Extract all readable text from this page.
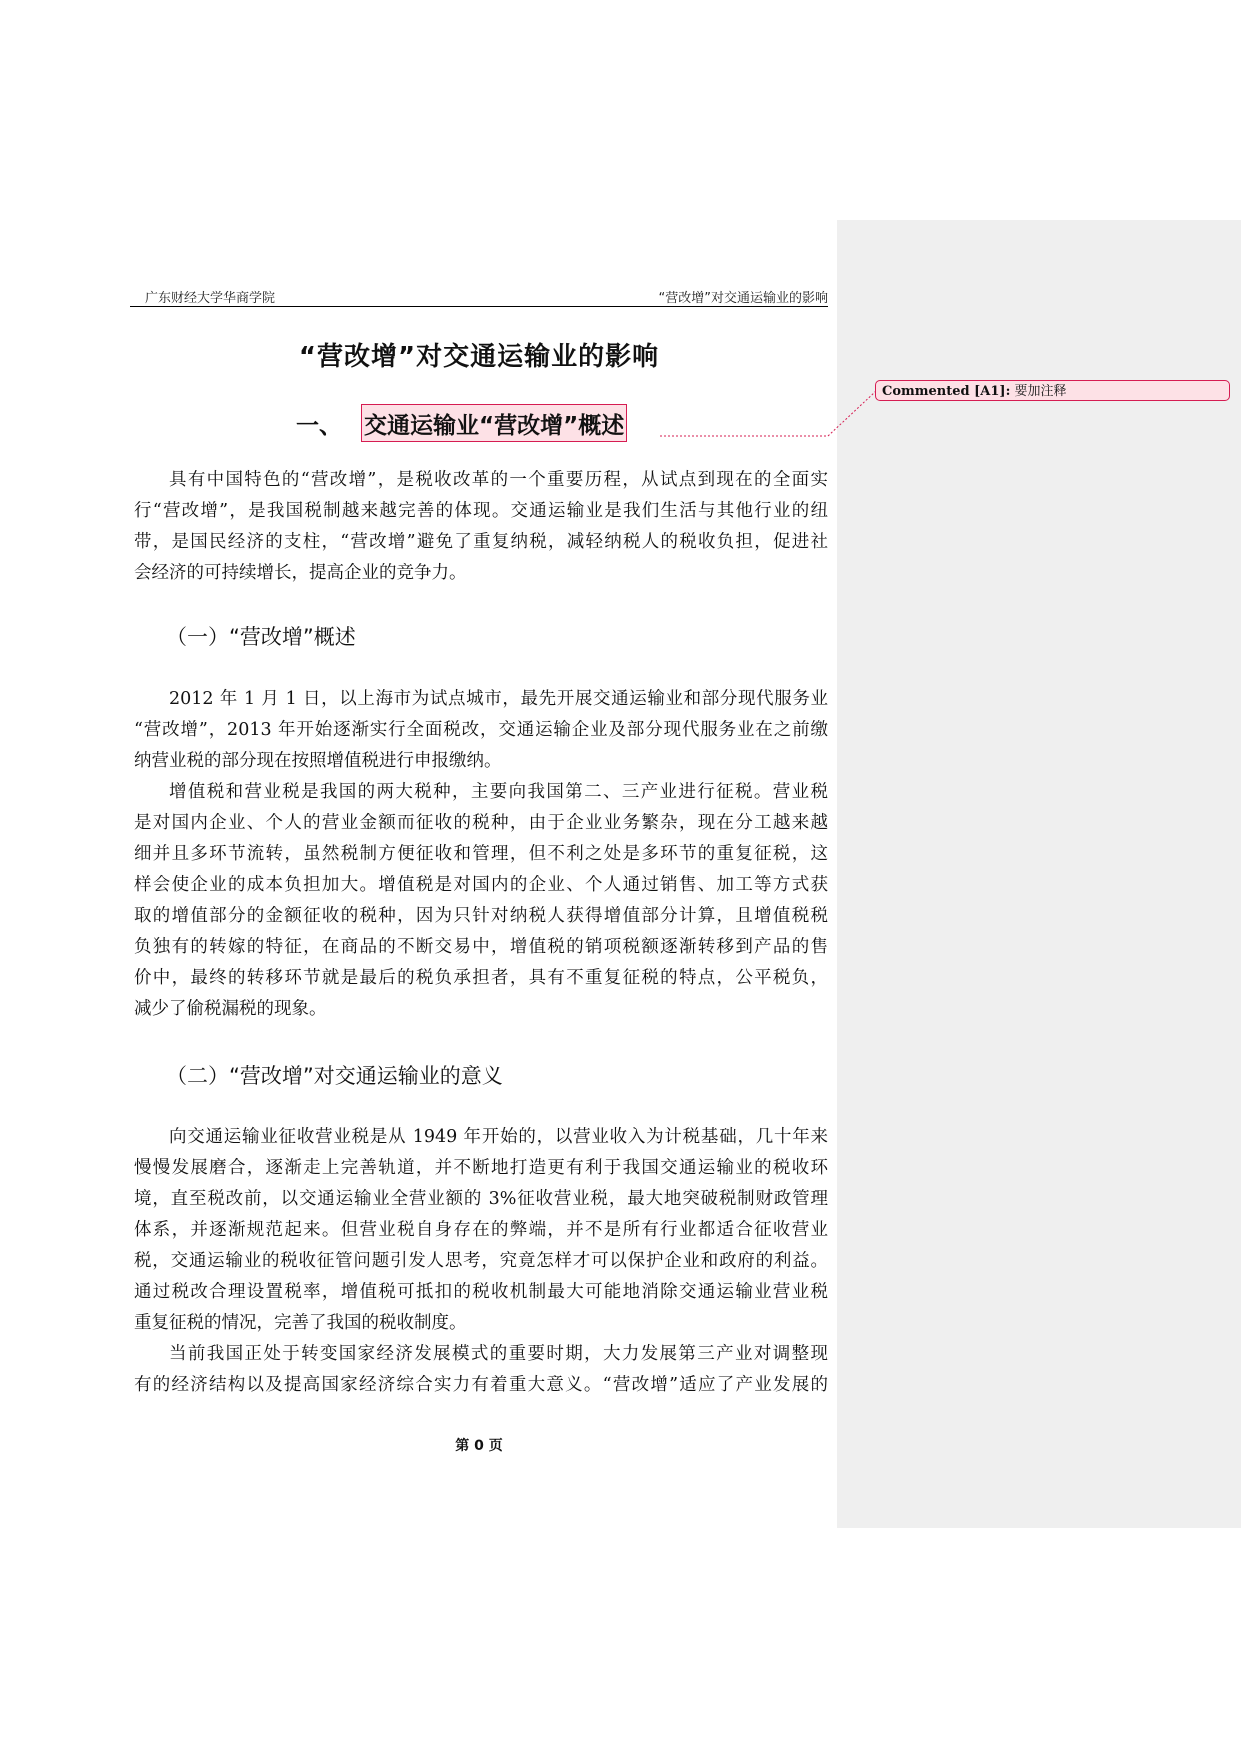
广东财经大学华商学院	“营改增”对交通运输业的影响
“营改增”对交通运输业的影响
一、 交通运输业“营改增”概述
具有中国特色的“营改增”，是税收改革的一个重要历程，从试点到现在的全面实
行“营改增”，是我国税制越来越完善的体现。交通运输业是我们生活与其他行业的纽
带，是国民经济的支柱，“营改增”避免了重复纳税，减轻纳税人的税收负担，促进社
会经济的可持续增长，提高企业的竞争力。
（一）“营改增”概述
2012 年 1 月 1 日，以上海市为试点城市，最先开展交通运输业和部分现代服务业
“营改增”，2013 年开始逐渐实行全面税改，交通运输企业及部分现代服务业在之前缴
纳营业税的部分现在按照增值税进行申报缴纳。
增值税和营业税是我国的两大税种，主要向我国第二、三产业进行征税。营业税
是对国内企业、个人的营业金额而征收的税种，由于企业业务繁杂，现在分工越来越
细并且多环节流转，虽然税制方便征收和管理，但不利之处是多环节的重复征税，这
样会使企业的成本负担加大。增值税是对国内的企业、个人通过销售、加工等方式获
取的增值部分的金额征收的税种，因为只针对纳税人获得增值部分计算，且增值税税
负独有的转嫁的特征，在商品的不断交易中，增值税的销项税额逐渐转移到产品的售
价中，最终的转移环节就是最后的税负承担者，具有不重复征税的特点，公平税负，
减少了偷税漏税的现象。
（二）“营改增”对交通运输业的意义
向交通运输业征收营业税是从 1949 年开始的，以营业收入为计税基础，几十年来
慢慢发展磨合，逐渐走上完善轨道，并不断地打造更有利于我国交通运输业的税收环
境，直至税改前，以交通运输业全营业额的 3%征收营业税，最大地突破税制财政管理
体系，并逐渐规范起来。但营业税自身存在的弊端，并不是所有行业都适合征收营业
税，交通运输业的税收征管问题引发人思考，究竟怎样才可以保护企业和政府的利益。
通过税改合理设置税率，增值税可抵扣的税收机制最大可能地消除交通运输业营业税
重复征税的情况，完善了我国的税收制度。
当前我国正处于转变国家经济发展模式的重要时期，大力发展第三产业对调整现
有的经济结构以及提高国家经济综合实力有着重大意义。“营改增”适应了产业发展的
第 0 页
Commented [A1]: 要加注释
